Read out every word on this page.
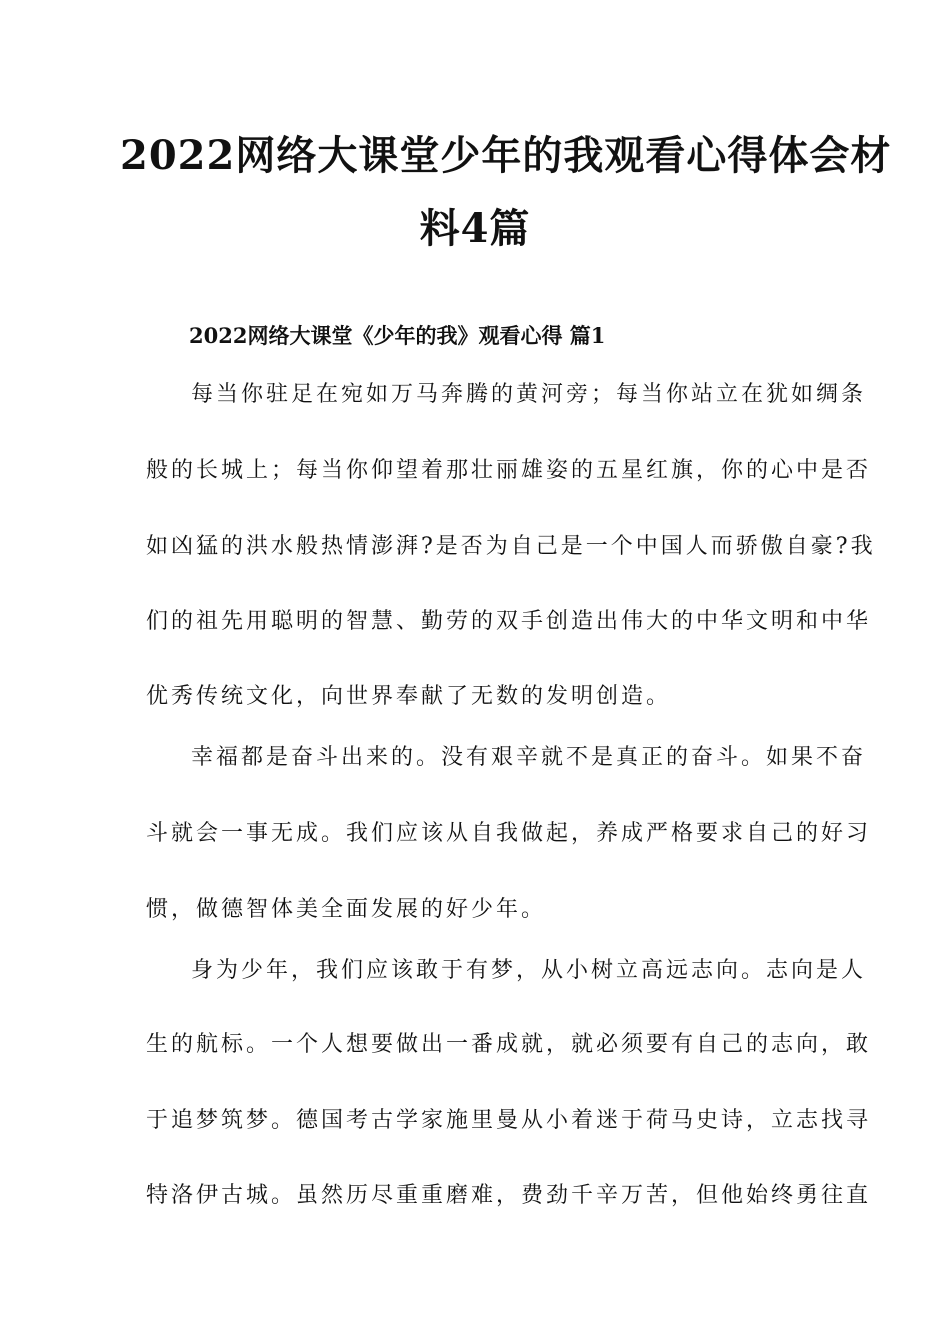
2022网络大课堂少年的我观看心得体会材
料4篇
2022网络大课堂《少年的我》观看心得 篇1
每当你驻足在宛如万马奔腾的黄河旁；每当你站立在犹如绸条
般的长城上；每当你仰望着那壮丽雄姿的五星红旗，你的心中是否
如凶猛的洪水般热情澎湃?是否为自己是一个中国人而骄傲自豪?我
们的祖先用聪明的智慧、勤劳的双手创造出伟大的中华文明和中华
优秀传统文化，向世界奉献了无数的发明创造。
幸福都是奋斗出来的。没有艰辛就不是真正的奋斗。如果不奋
斗就会一事无成。我们应该从自我做起，养成严格要求自己的好习
惯，做德智体美全面发展的好少年。
身为少年，我们应该敢于有梦，从小树立高远志向。志向是人
生的航标。一个人想要做出一番成就，就必须要有自己的志向，敢
于追梦筑梦。德国考古学家施里曼从小着迷于荷马史诗，立志找寻
特洛伊古城。虽然历尽重重磨难，费劲千辛万苦，但他始终勇往直
